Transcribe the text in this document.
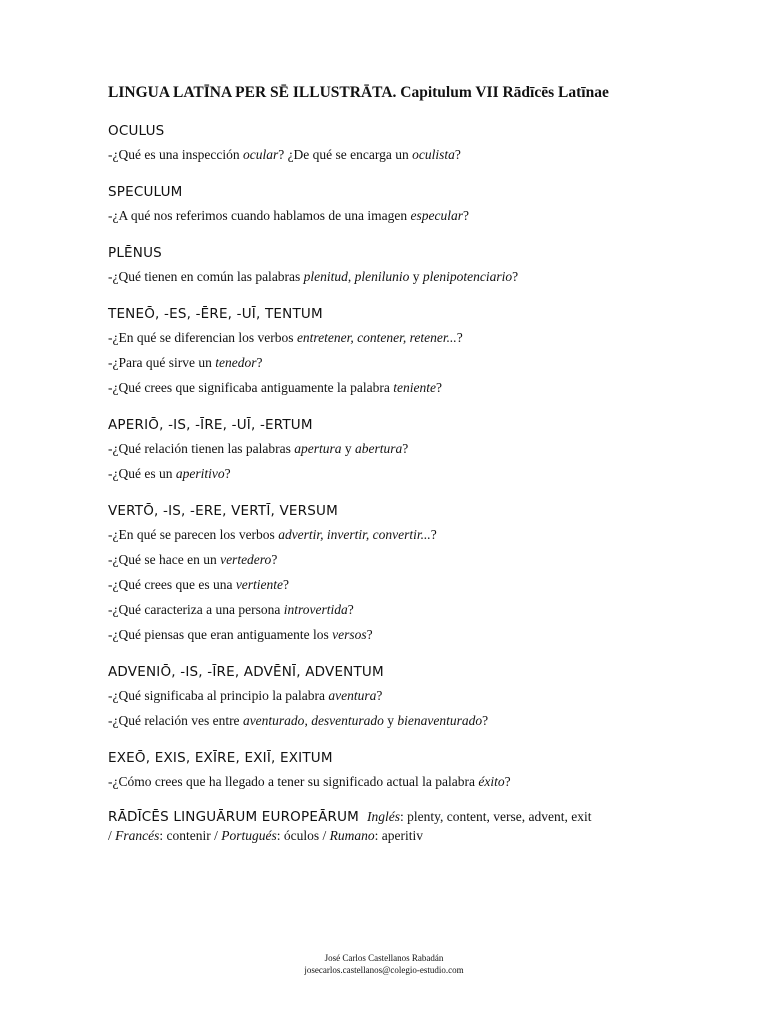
LINGUA LATĪNA PER SĒ ILLUSTRĀTA. Capitulum VII Rādīcēs Latīnae
OCULUS
-¿Qué es una inspección ocular? ¿De qué se encarga un oculista?
SPECULUM
-¿A qué nos referimos cuando hablamos de una imagen especular?
PLĒNUS
-¿Qué tienen en común las palabras plenitud, plenilunio y plenipotenciario?
TENEŌ, -ES, -ĒRE, -UĪ, TENTUM
-¿En qué se diferencian los verbos entretener, contener, retener...?
-¿Para qué sirve un tenedor?
-¿Qué crees que significaba antiguamente la palabra teniente?
APERIŌ, -IS, -ĪRE, -UĪ, -ERTUM
-¿Qué relación tienen las palabras apertura y abertura?
-¿Qué es un aperitivo?
VERTŌ, -IS, -ERE, VERTĪ, VERSUM
-¿En qué se parecen los verbos advertir, invertir, convertir...?
-¿Qué se hace en un vertedero?
-¿Qué crees que es una vertiente?
-¿Qué caracteriza a una persona introvertida?
-¿Qué piensas que eran antiguamente los versos?
ADVENIŌ, -IS, -ĪRE, ADVĒNĪ, ADVENTUM
-¿Qué significaba al principio la palabra aventura?
-¿Qué relación ves entre aventurado, desventurado y bienaventurado?
EXEŌ, EXIS, EXĪRE, EXIĪ, EXITUM
-¿Cómo crees que ha llegado a tener su significado actual la palabra éxito?
RĀDĪCĒS LINGUĀRUM EUROPEĀRUM Inglés: plenty, content, verse, advent, exit
/ Francés: contenir / Portugués: óculos / Rumano: aperitiv
José Carlos Castellanos Rabadán
josecarlos.castellanos@colegio-estudio.com
